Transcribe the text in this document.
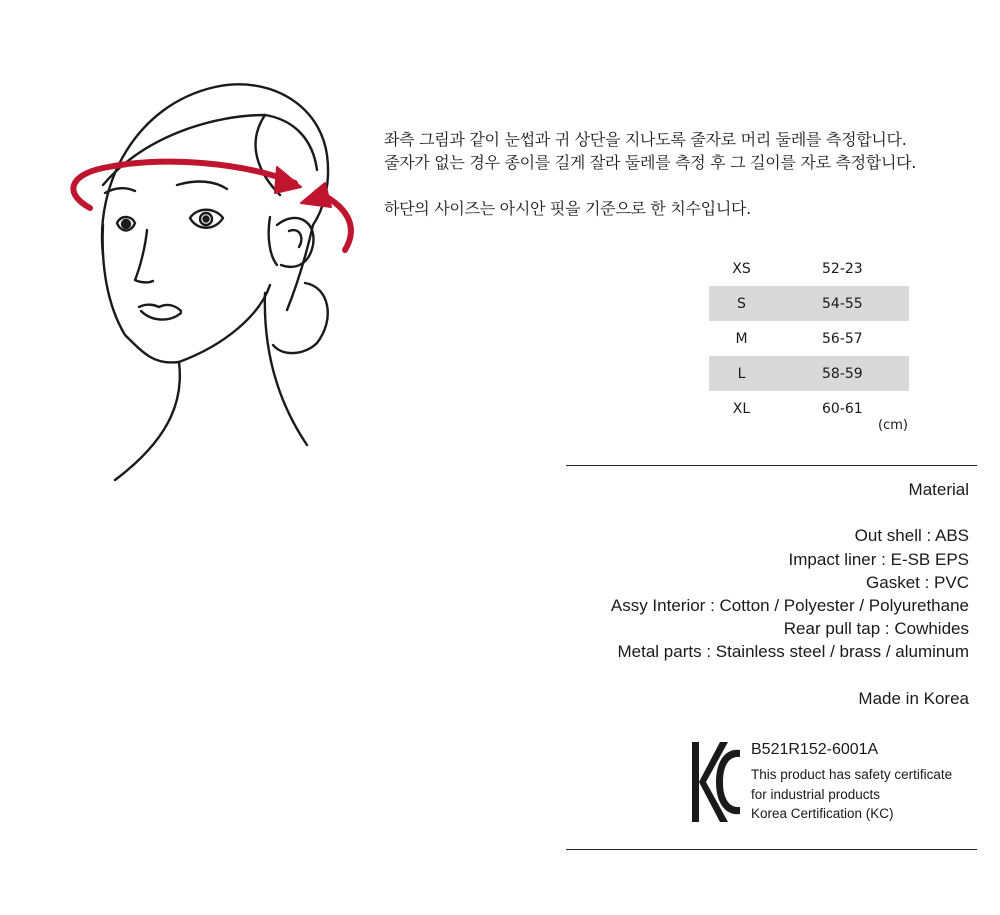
좌측 그림과 같이 눈썹과 귀 상단을 지나도록 줄자로 머리 둘레를 측정합니다.

줄자가 없는 경우 종이를 길게 잘라 둘레를 측정 후 그 길이를 자로 측정합니다.

하단의 사이즈는 아시안 핏을 기준으로 한 치수입니다.

XS	52-23
S	54-55
M	56-57
L	58-59
XL	60-61
(cm)

Material

Out shell : ABS

Impact liner : E-SB EPS

Gasket : PVC

Assy Interior : Cotton / Polyester / Polyurethane

Rear pull tap : Cowhides

Metal parts : Stainless steel / brass / aluminum

Made in Korea

B521R152-6001A

This product has safety certificate

for industrial products

Korea Certification (KC)
